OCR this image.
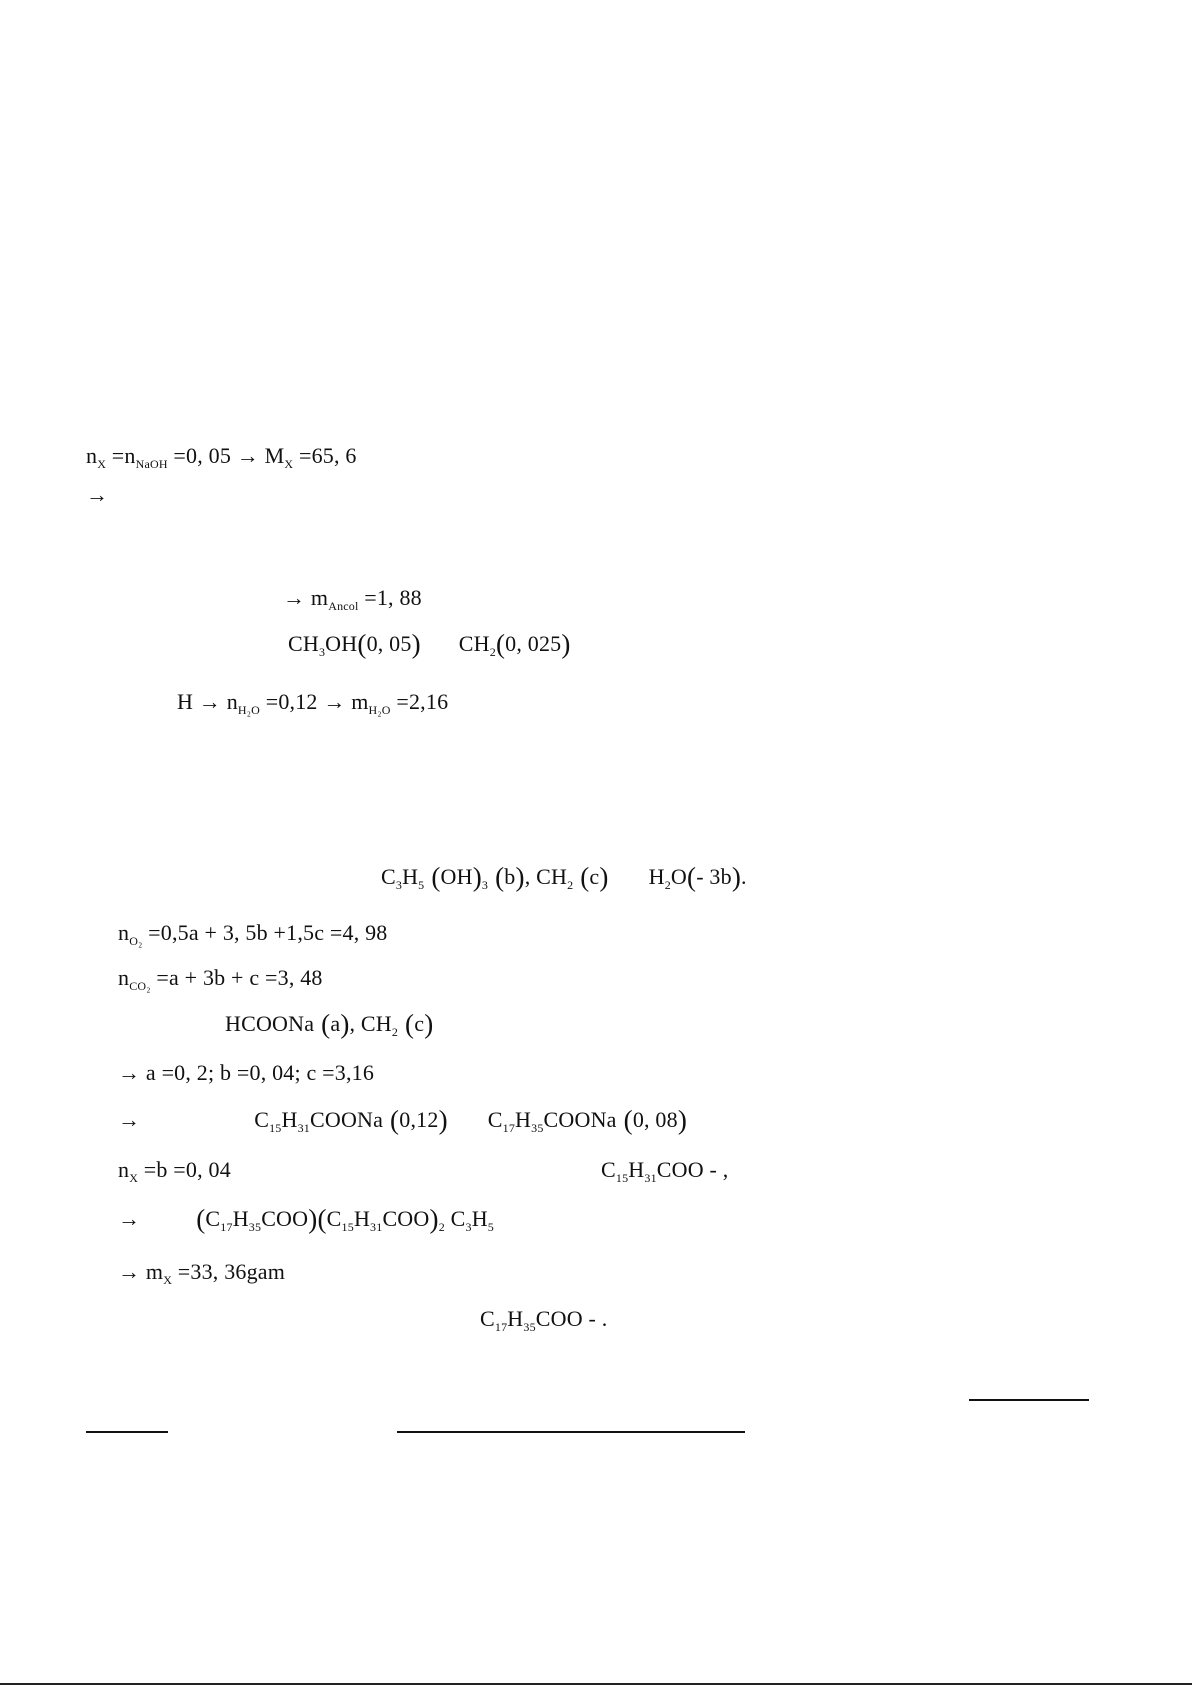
$n_X =n_{NaOH} =0$, $05 \to M_X =65$, 6
→
→ $m_{Ancol} =1$, 88
$CH_3OH(0$, 05) $CH_2(0$, 025)
$H \to n_{H_2O} =0,12 \to m_{H_2O} =2,16$
$C_3H_5$ $(OH)_3$ (b), $CH_2$ (c) $H_2O(-$ 3b).
$n_{O_2} =0,5a + 3$, 5b +1,5c =4, 98
$n_{CO_2} =a + 3b + c =3$, 48
HCOONa (a), $CH_2$ (c)
→ a =0, 2; b =0, 04; c =3,16
→	$C_{15}H_{31}COONa$ (0,12) $C_{17}H_{35}COONa$ (0, 08)
$n_X =b =0$, 04	$C_{15}H_{31}COO$ - ,
→ $(C_{17}H_{35}COO)(C_{15}H_{31}COO)_2$ $C_3H_5$
→ $m_X =33$, 36gam
$C_{17}H_{35}COO$ - .
